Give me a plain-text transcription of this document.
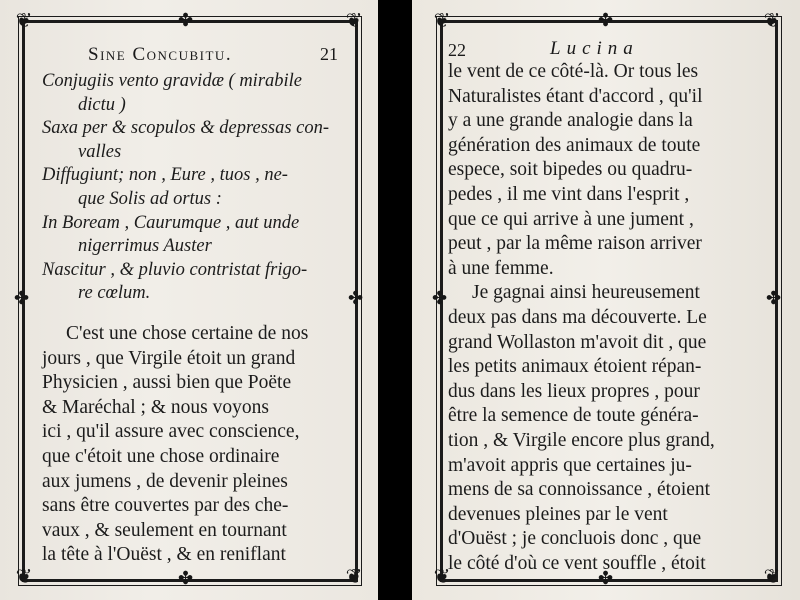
❦	❦
❦	❦
✤
✤
✤	✤
Sine Concubitu.	21
Conjugiis vento gravidæ ( mirabile
dictu )
Saxa per & scopulos & depressas con-
valles
Diffugiunt; non , Eure , tuos , ne-
que Solis ad ortus :
In Boream , Caurumque , aut unde
nigerrimus Auster
Nascitur , & pluvio contristat frigo-
re cœlum.
C'est une chose certaine de nos
jours , que Virgile étoit un grand
Physicien , aussi bien que Poëte
& Maréchal ; & nous voyons
ici , qu'il assure avec conscience,
que c'étoit une chose ordinaire
aux jumens , de devenir pleines
sans être couvertes par des che-
vaux , & seulement en tournant
la tête à l'Ouëst , & en reniflant
❦	❦
❦	❦
✤
✤
✤	✤
22	Lucina
le vent de ce côté-là. Or tous les
Naturalistes étant d'accord , qu'il
y a une grande analogie dans la
génération des animaux de toute
espece, soit bipedes ou quadru-
pedes , il me vint dans l'esprit ,
que ce qui arrive à une jument ,
peut , par la même raison arriver
à une femme.
Je gagnai ainsi heureusement
deux pas dans ma découverte. Le
grand Wollaston m'avoit dit , que
les petits animaux étoient répan-
dus dans les lieux propres , pour
être la semence de toute généra-
tion , & Virgile encore plus grand,
m'avoit appris que certaines ju-
mens de sa connoissance , étoient
devenues pleines par le vent
d'Ouëst ; je concluois donc , que
le côté d'où ce vent souffle , étoit
